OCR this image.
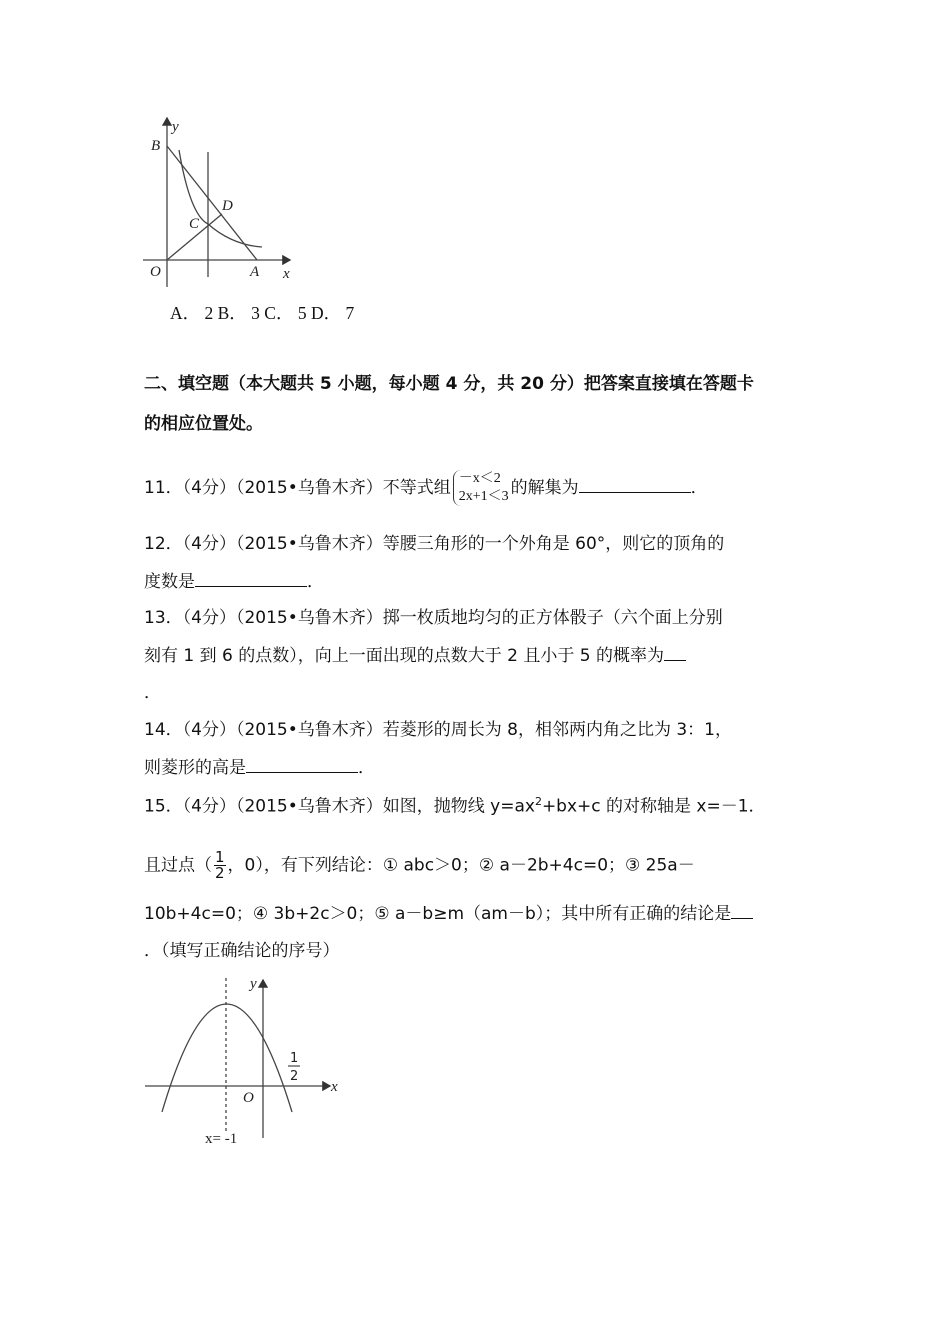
y
B
D
C
O	A x
y
x
O
1
2
x= -1
A． 2 B． 3 C． 5 D． 7
二、填空题（本大题共 5 小题，每小题 4 分，共 20 分）把答案直接填在答题卡
的相应位置处。
11．（4分）（2015•乌鲁木齐）不等式组 －x＜2
2x+1＜3 的解集为	．
12．（4分）（2015•乌鲁木齐）等腰三角形的一个外角是 60°，则它的顶角的
度数是	．
13．（4分）（2015•乌鲁木齐）掷一枚质地均匀的正方体骰子（六个面上分别
刻有 1 到 6 的点数），向上一面出现的点数大于 2 且小于 5 的概率为
．
14．（4分）（2015•乌鲁木齐）若菱形的周长为 8，相邻两内角之比为 3：1，
则菱形的高是	．
15．（4分）（2015•乌鲁木齐）如图，抛物线 $y=ax^2+bx+c$ 的对称轴是 x=－1．
且过点（ $\frac{1}{2}$ ，0），有下列结论：① abc＞0；② a－2b+4c=0；③ 25a－
10b+4c=0；④ 3b+2c＞0；⑤ a－b≥m（am－b）；其中所有正确的结论是
．（填写正确结论的序号）
